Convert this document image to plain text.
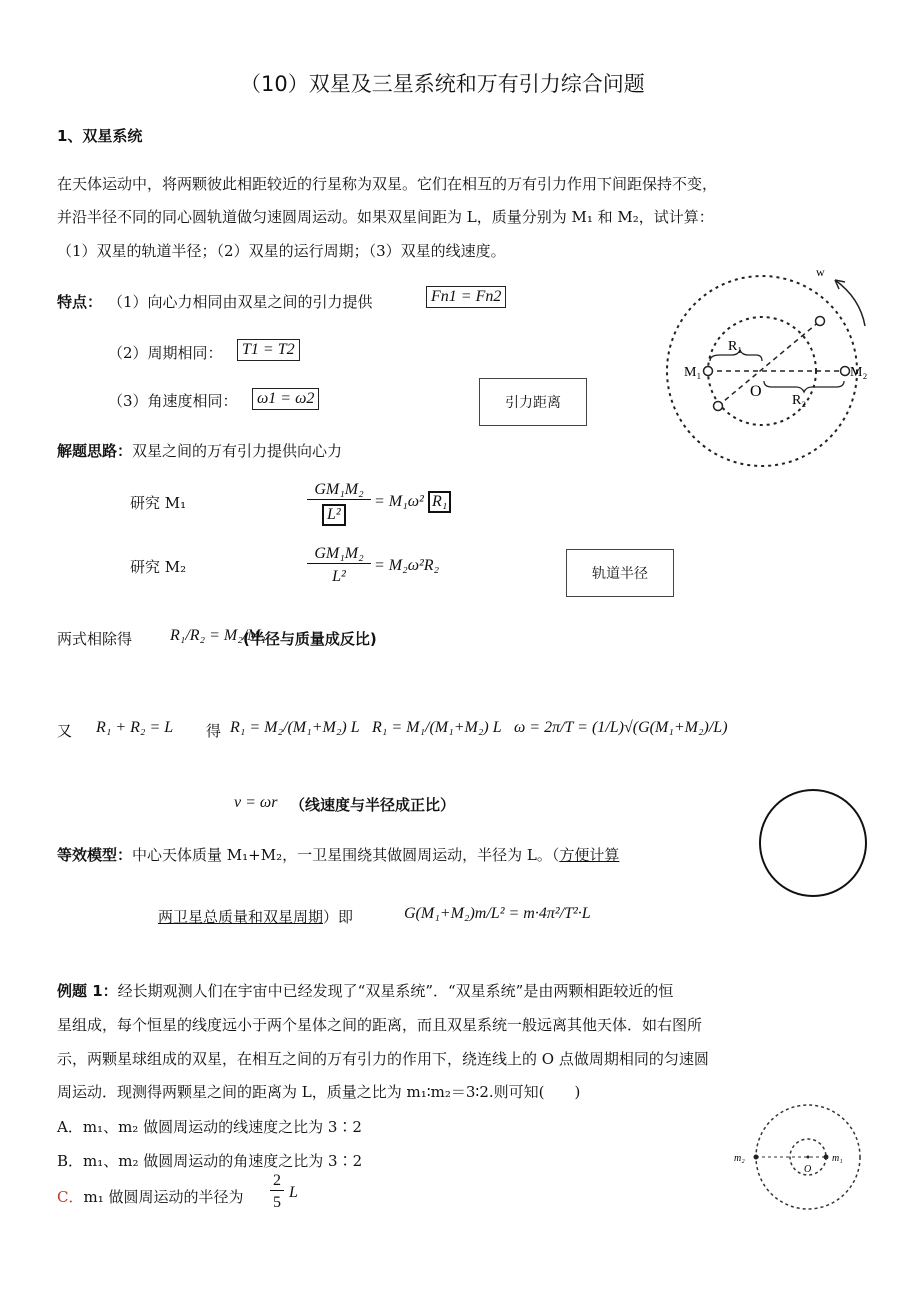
（10）双星及三星系统和万有引力综合问题
1、双星系统
在天体运动中，将两颗彼此相距较近的行星称为双星。它们在相互的万有引力作用下间距保持不变，
并沿半径不同的同心圆轨道做匀速圆周运动。如果双星间距为 L，质量分别为 M₁ 和 M₂，试计算：
（1）双星的轨道半径；（2）双星的运行周期；（3）双星的线速度。
特点： （1）向心力相同由双星之间的引力提供	Fn1 = Fn2
（2）周期相同：	T1 = T2
（3）角速度相同：	ω1 = ω2	引力距离
轨道半径
w
M₁	M₂
R₁
R₂
O
解题思路：双星之间的万有引力提供向心力
研究 M₁
GM₁M₂
L²
= M₁ω² R₁
研究 M₂
GM₁M₂
L²
= M₂ω²R₂
两式相除得 R₁/R₂ = M₂/M₁
(半径与质量成反比)
又 R₁ + R₂ = L 得 R₁ = M₂/(M₁+M₂) L R₁ = M₁/(M₁+M₂) L ω = 2π/T = (1/L)√(G(M₁+M₂)/L)
v = ωr （线速度与半径成正比）
等效模型：中心天体质量 M₁+M₂，一卫星围绕其做圆周运动，半径为 L。（方便计算
两卫星总质量和双星周期）即	G(M₁+M₂)m/L² = m·4π²/T²·L
例题 1：经长期观测人们在宇宙中已经发现了“双星系统”．“双星系统”是由两颗相距较近的恒
星组成，每个恒星的线度远小于两个星体之间的距离，而且双星系统一般远离其他天体．如右图所
示，两颗星球组成的双星，在相互之间的万有引力的作用下，绕连线上的 O 点做周期相同的匀速圆
周运动．现测得两颗星之间的距离为 L，质量之比为 m₁∶m₂＝3∶2.则可知(　　)
A．m₁、m₂ 做圆周运动的线速度之比为 3∶2
B．m₁、m₂ 做圆周运动的角速度之比为 3∶2
C．m₁ 做圆周运动的半径为
2
5
L
m₂	m₁
O
